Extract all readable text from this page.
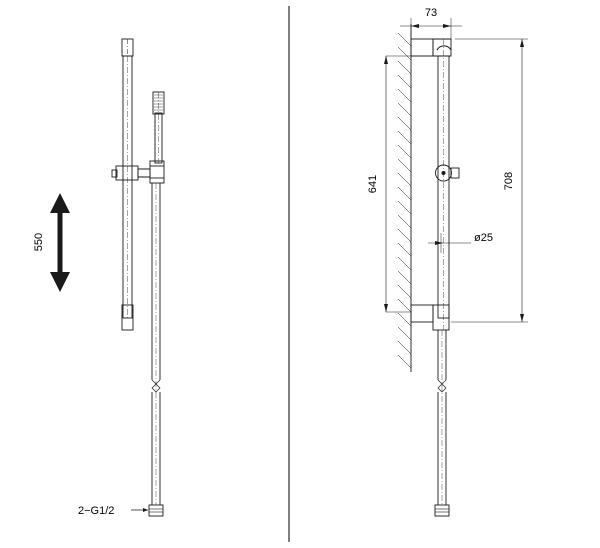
550
2−G1/2
73
641	708
ø25
